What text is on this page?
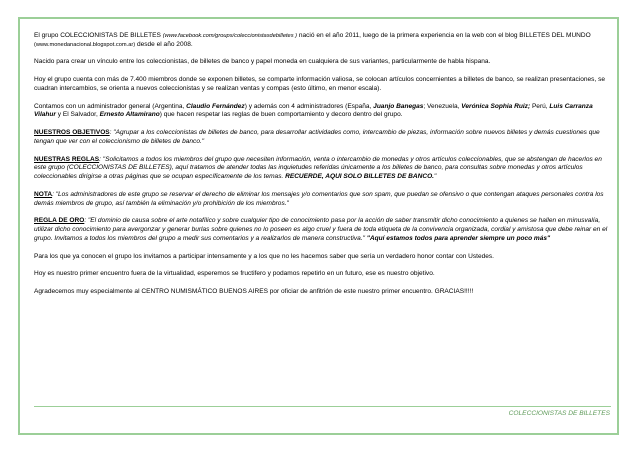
El grupo COLECCIONISTAS DE BILLETES (www.facebook.com/groups/coleccionistasdebilletes ) nació en el año 2011, luego de la primera experiencia en la web con el blog BILLETES DEL MUNDO (www.monedanacional.blogspot.com.ar) desde el año 2008.

Nacido para crear un vínculo entre los coleccionistas, de billetes de banco y papel moneda en cualquiera de sus variantes, particularmente de habla hispana.

Hoy el grupo cuenta con más de 7.400 miembros donde se exponen billetes, se comparte información valiosa, se colocan artículos concernientes a billetes de banco, se realizan presentaciones, se cuadran intercambios, se orienta a nuevos coleccionistas y se realizan ventas y compas (esto último, en menor escala).

Contamos con un administrador general (Argentina, Claudio Fernández) y además con 4 administradores (España, Juanjo Banegas; Venezuela, Verónica Sophia Ruiz; Perú, Luis Carranza Vilahur y El Salvador, Ernesto Altamirano) que hacen respetar las reglas de buen comportamiento y decoro dentro del grupo.

NUESTROS OBJETIVOS: "Agrupar a los coleccionistas de billetes de banco, para desarrollar actividades como, intercambio de piezas, información sobre nuevos billetes y demás cuestiones que tengan que ver con el coleccionismo de billetes de banco."

NUESTRAS REGLAS: "Solicitamos a todos los miembros del grupo que necesiten información, venta o intercambio de monedas y otros artículos coleccionables, que se abstengan de hacerlos en este grupo (COLECCIONISTAS DE BILLETES), aquí tratamos de atender todas las inquietudes referidas únicamente a los billetes de banco, para consultas sobre monedas y otros artículos coleccionables dirigirse a otras páginas que se ocupan específicamente de los temas. RECUERDE, AQUI SOLO BILLETES DE BANCO."

NOTA: "Los administradores de este grupo se reservar el derecho de eliminar los mensajes y/o comentarios que son spam, que puedan se ofensivo o que contengan ataques personales contra los demás miembros de grupo, así también la eliminación y/o prohibición de los miembros."

REGLA DE ORO: "El dominio de causa sobre el arte notafílico y sobre cualquier tipo de conocimiento pasa por la acción de saber transmitir dicho conocimiento a quienes se hallen en minusvalía, utilizar dicho conocimiento para avergonzar y generar burlas sobre quienes no lo poseen es algo cruel y fuera de toda etiqueta de la convivencia organizada, cordial y amistosa que debe reinar en el grupo. Invitamos a todos los miembros del grupo a medir sus comentarios y a realizarlos de manera constructiva." "Aquí estamos todos para aprender siempre un poco más"

Para los que ya conocen el grupo los invitamos a participar intensamente y a los que no les hacemos saber que sería un verdadero honor contar con Ustedes.

Hoy es nuestro primer encuentro fuera de la virtualidad, esperemos se fructifero y podamos repetirlo en un futuro, ese es nuestro objetivo.

Agradecemos muy especialmente al CENTRO NUMISMÁTICO BUENOS AIRES por oficiar de anfitrión de este nuestro primer encuentro. GRACIAS!!!!!

COLECCIONISTAS DE BILLETES
